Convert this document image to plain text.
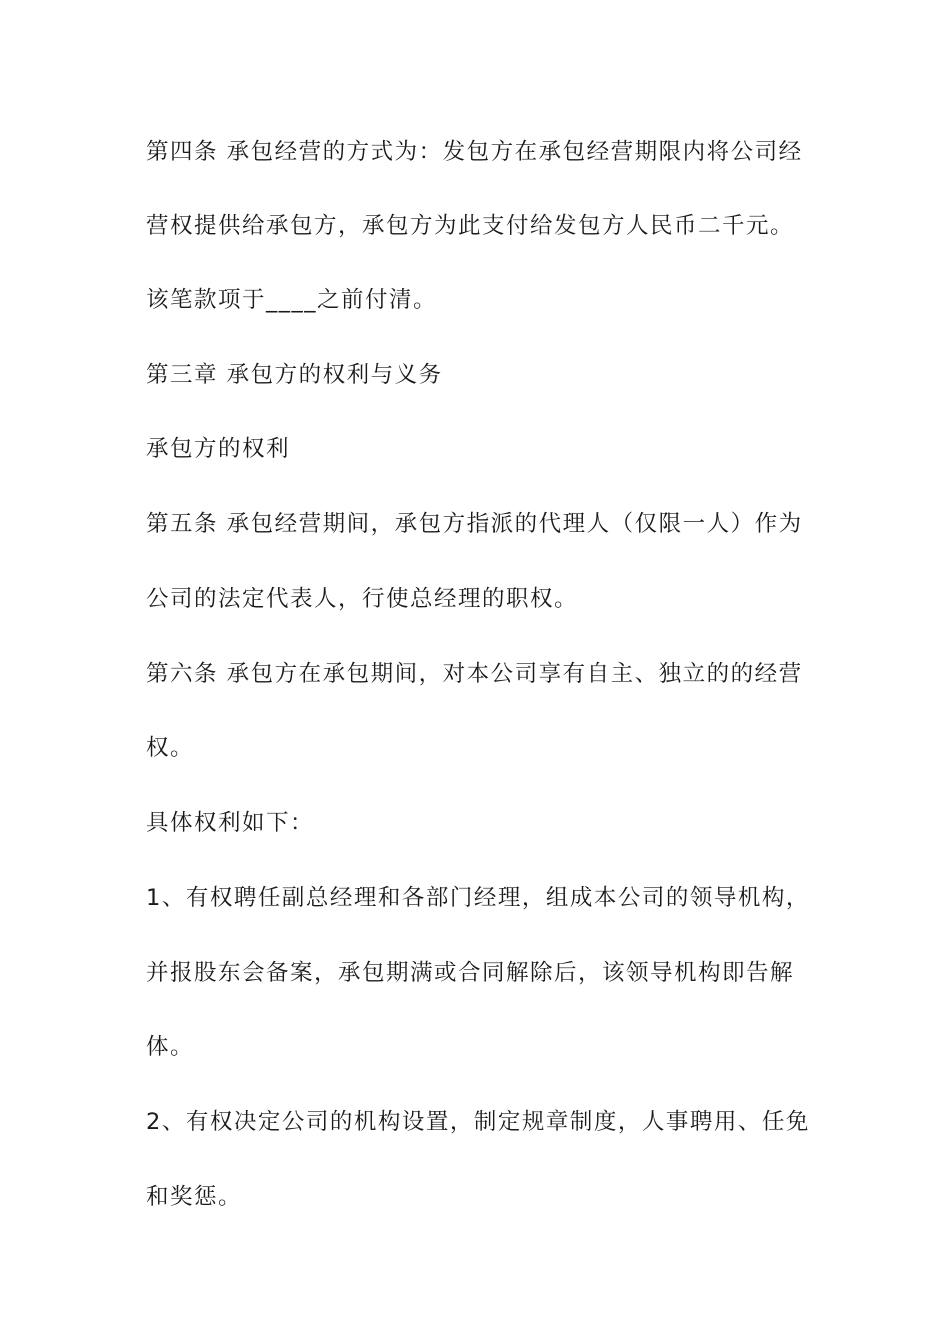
第四条 承包经营的方式为：发包方在承包经营期限内将公司经
营权提供给承包方，承包方为此支付给发包方人民币二千元。
该笔款项于____之前付清。
第三章 承包方的权利与义务
承包方的权利
第五条 承包经营期间，承包方指派的代理人（仅限一人）作为
公司的法定代表人，行使总经理的职权。
第六条 承包方在承包期间，对本公司享有自主、独立的的经营
权。
具体权利如下：
1、有权聘任副总经理和各部门经理，组成本公司的领导机构，
并报股东会备案，承包期满或合同解除后，该领导机构即告解
体。
2、有权决定公司的机构设置，制定规章制度，人事聘用、任免
和奖惩。
